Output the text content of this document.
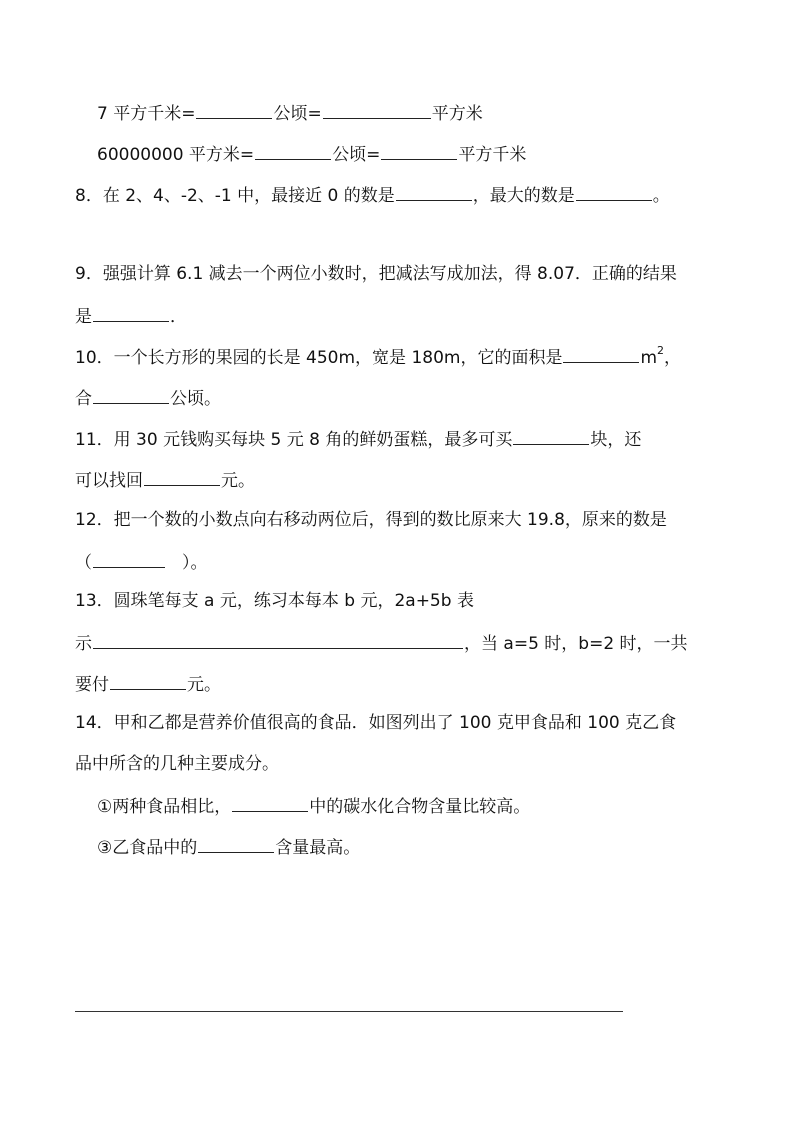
7 平方千米=	公顷=	平方米
60000000 平方米=	公顷=	平方千米
8．在 2、4、-2、-1 中，最接近 0 的数是	，最大的数是	。
9．强强计算 6.1 减去一个两位小数时，把减法写成加法，得 8.07．正确的结果
是	．
10．一个长方形的果园的长是 450m，宽是 180m，它的面积是	$m^2$，
合	公顷。
11．用 30 元钱购买每块 5 元 8 角的鲜奶蛋糕，最多可买	块，还
可以找回	元。
12．把一个数的小数点向右移动两位后，得到的数比原来大 19.8，原来的数是
（	）。
13．圆珠笔每支 a 元，练习本每本 b 元，2a+5b 表
示	，当 a=5 时，b=2 时，一共
要付	元。
14．甲和乙都是营养价值很高的食品．如图列出了 100 克甲食品和 100 克乙食
品中所含的几种主要成分。
①两种食品相比，	中的碳水化合物含量比较高。
③乙食品中的	含量最高。
